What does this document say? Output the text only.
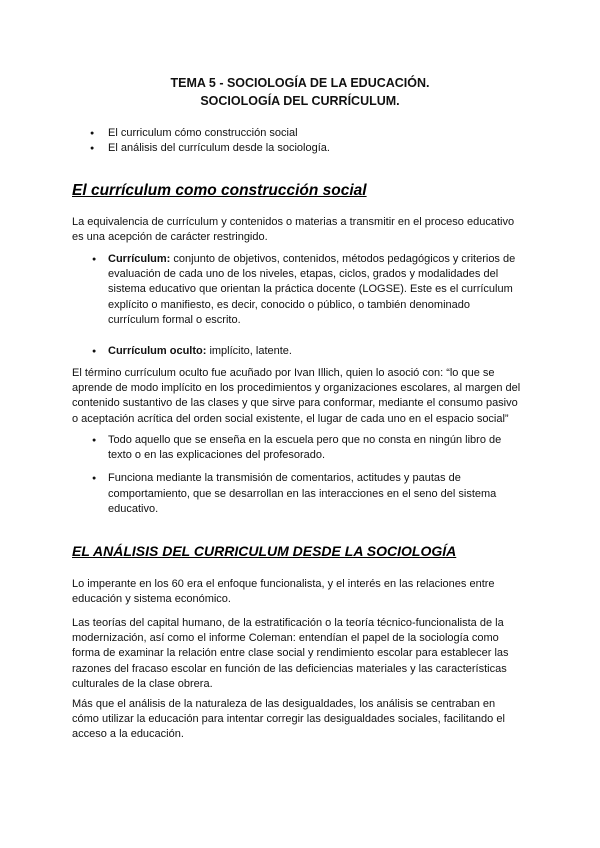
TEMA 5 - SOCIOLOGÍA DE LA EDUCACIÓN.
SOCIOLOGÍA DEL CURRÍCULUM.
● El curriculum cómo construcción social
● El análisis del currículum desde la sociología.
El currículum como construcción social
La equivalencia de currículum y contenidos o materias a transmitir en el proceso educativo
es una acepción de carácter restringido.
● Currículum: conjunto de objetivos, contenidos, métodos pedagógicos y criterios de
evaluación de cada uno de los niveles, etapas, ciclos, grados y modalidades del
sistema educativo que orientan la práctica docente (LOGSE). Este es el currículum
explícito o manifiesto, es decir, conocido o público, o también denominado
currículum formal o escrito.
● Currículum oculto: implícito, latente.
El término currículum oculto fue acuñado por Ivan Illich, quien lo asoció con: “lo que se
aprende de modo implícito en los procedimientos y organizaciones escolares, al margen del
contenido sustantivo de las clases y que sirve para conformar, mediante el consumo pasivo
o aceptación acrítica del orden social existente, el lugar de cada uno en el espacio social”
● Todo aquello que se enseña en la escuela pero que no consta en ningún libro de
texto o en las explicaciones del profesorado.
● Funciona mediante la transmisión de comentarios, actitudes y pautas de
comportamiento, que se desarrollan en las interacciones en el seno del sistema
educativo.
EL ANÁLISIS DEL CURRICULUM DESDE LA SOCIOLOGÍA
Lo imperante en los 60 era el enfoque funcionalista, y el interés en las relaciones entre
educación y sistema económico.
Las teorías del capital humano, de la estratificación o la teoría técnico-funcionalista de la
modernización, así como el informe Coleman: entendían el papel de la sociología como
forma de examinar la relación entre clase social y rendimiento escolar para establecer las
razones del fracaso escolar en función de las deficiencias materiales y las características
culturales de la clase obrera.
Más que el análisis de la naturaleza de las desigualdades, los análisis se centraban en
cómo utilizar la educación para intentar corregir las desigualdades sociales, facilitando el
acceso a la educación.
